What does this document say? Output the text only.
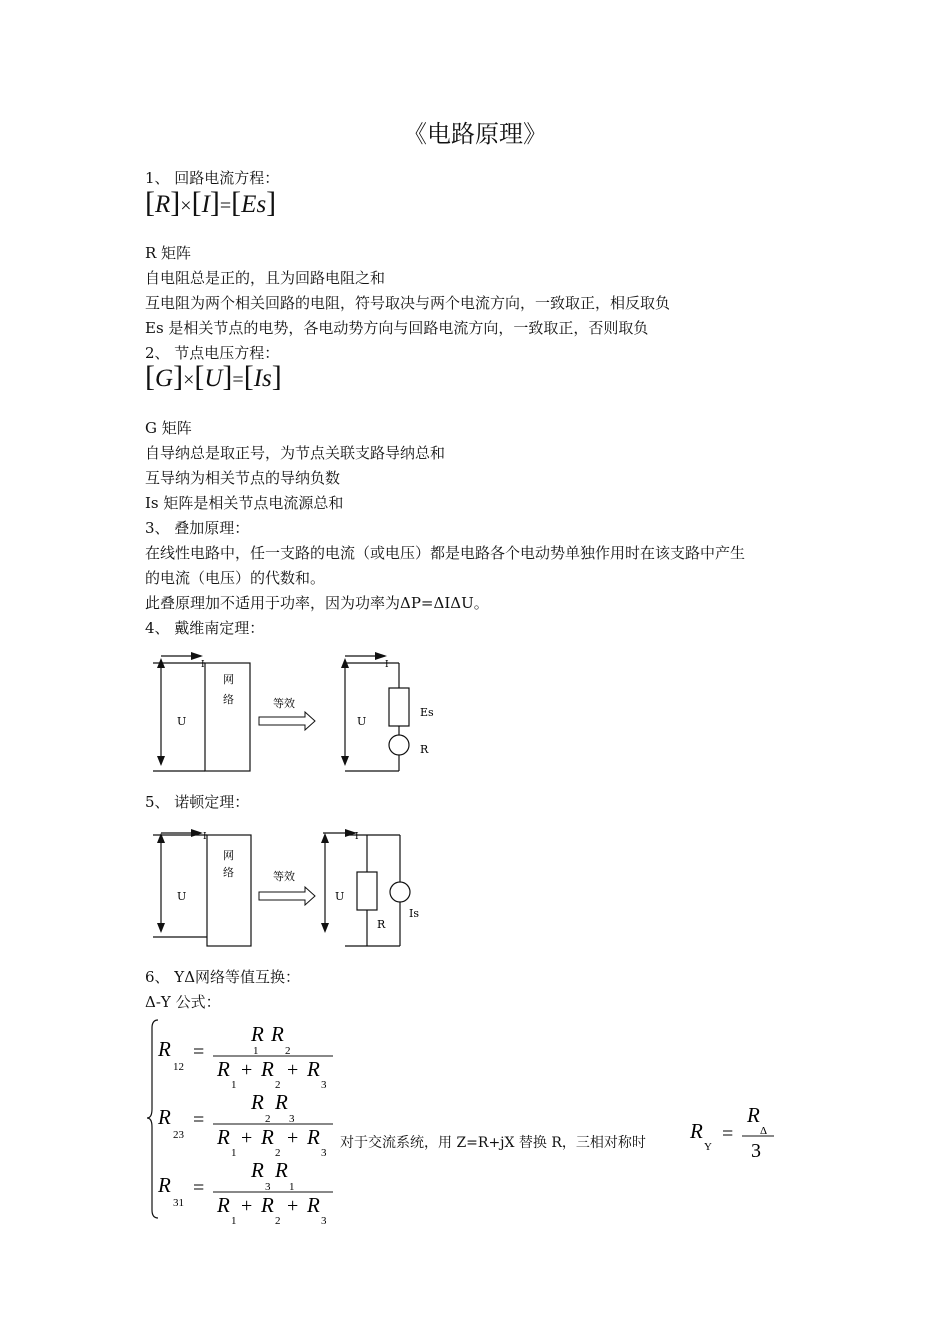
《电路原理》
1、 回路电流方程：
[R]×[I]=[Es]
R 矩阵
自电阻总是正的，且为回路电阻之和
互电阻为两个相关回路的电阻，符号取决与两个电流方向，一致取正，相反取负
Es 是相关节点的电势，各电动势方向与回路电流方向，一致取正，否则取负
2、 节点电压方程：
[G]×[U]=[Is]
G 矩阵
自导纳总是取正号，为节点关联支路导纳总和
互导纳为相关节点的导纳负数
Is 矩阵是相关节点电流源总和
3、 叠加原理：
在线性电路中，任一支路的电流（或电压）都是电路各个电动势单独作用时在该支路中产生
的电流（电压）的代数和。
此叠原理加不适用于功率，因为功率为ΔP=ΔIΔU。
4、 戴维南定理：
I
网
络	等效
U
I
U
Es
R
5、 诺顿定理：
I
网
络	等效
U
I
U
R
Is
6、 YΔ网络等值互换：
Δ-Y 公式：
R
12
=
R
1
R
2
R
1
+ R
2
+ R
3
R
23
=
R
2
R
3
R
1
+ R
2
+ R
3
R
31
=
R
3
R
1
R
1
+ R
2
+ R
3
对于交流系统，用 Z=R+jX 替换 R，三相对称时 R
Y
=
R
Δ
3
